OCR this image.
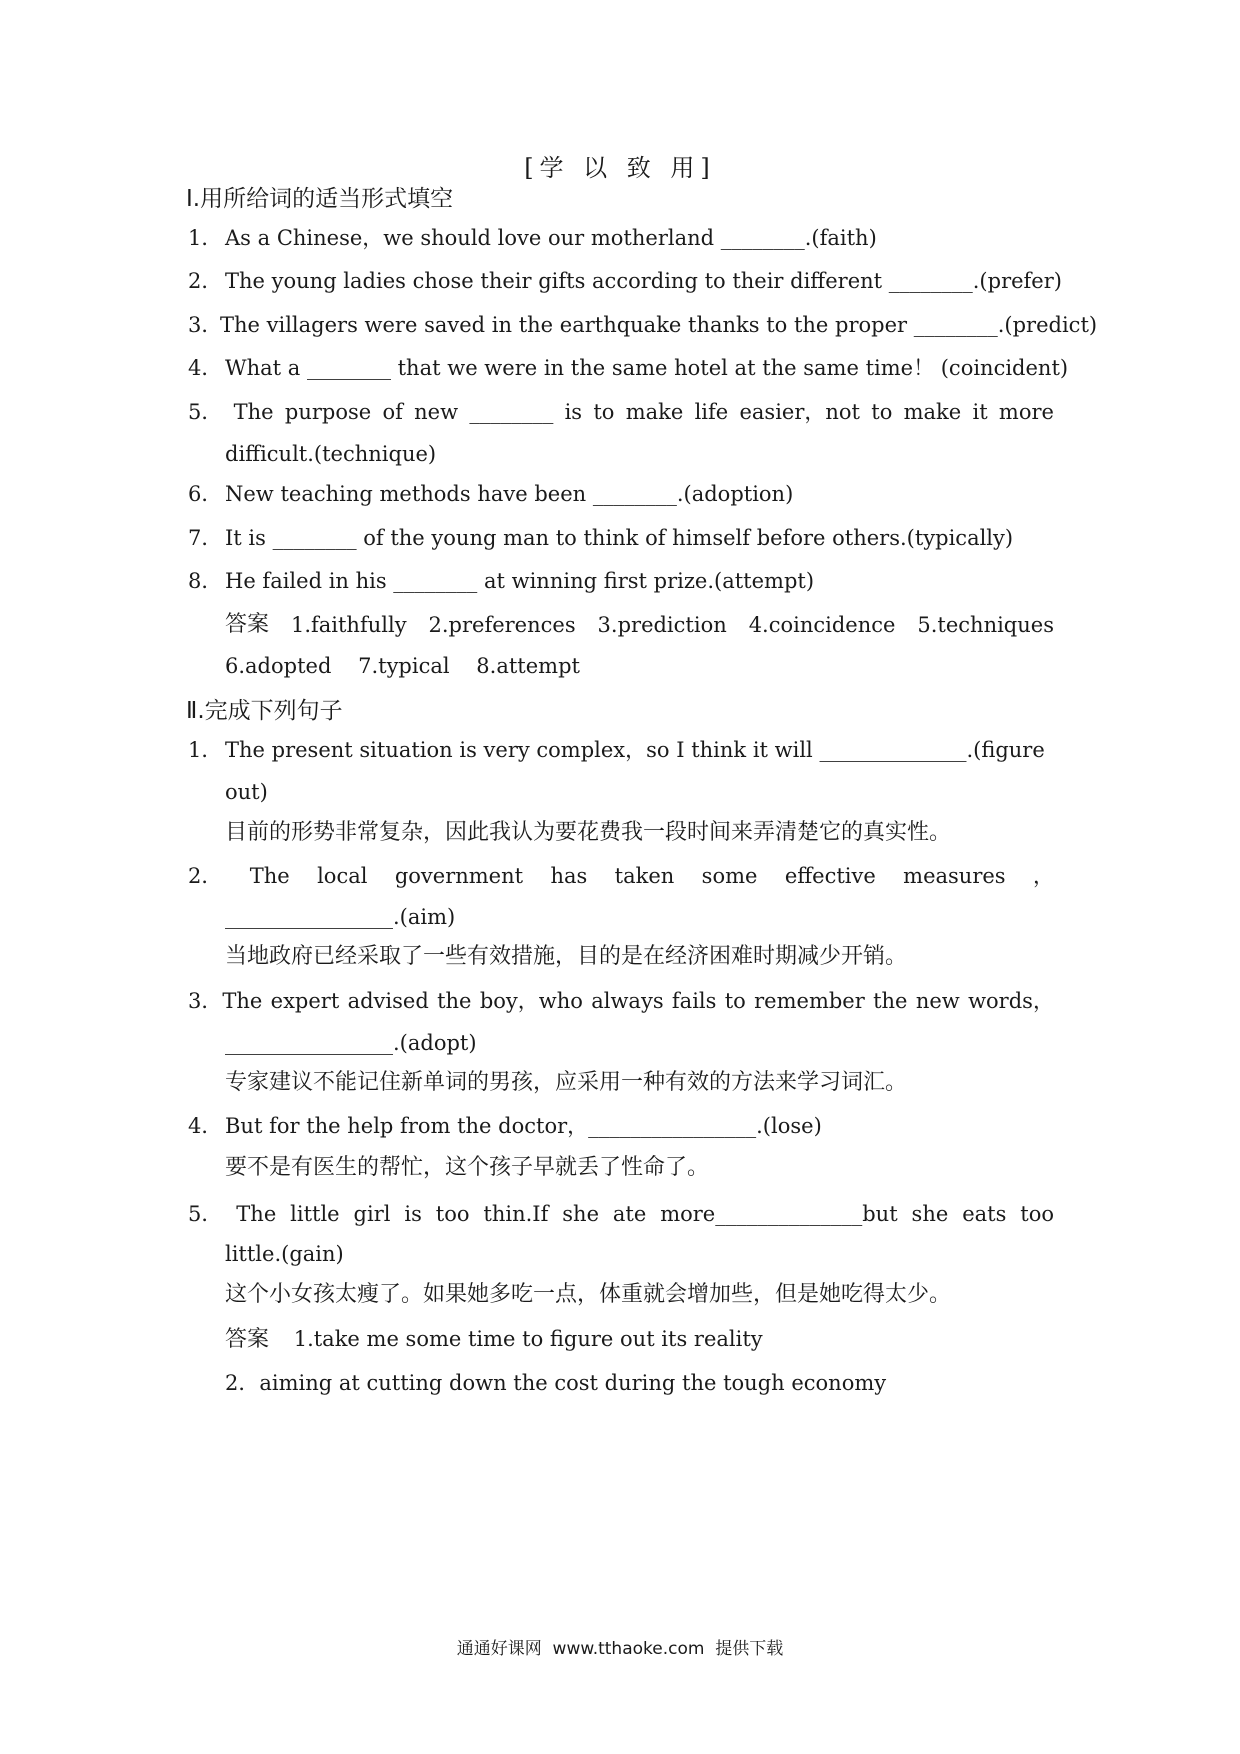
[学 以 致 用]
Ⅰ.用所给词的适当形式填空
1． As a Chinese，we should love our motherland ________.(faith)
2． The young ladies chose their gifts according to their different ________.(prefer)
3．
The villagers were saved in the earthquake thanks to the proper ________.(predict)
4． What a ________ that we were in the same hotel at the same time！ (coincident)
5． The purpose of new ________ is to make life easier，not to make it more
difficult.(technique)
6． New teaching methods have been ________.(adoption)
7． It is ________ of the young man to think of himself before others.(typically)
8． He failed in his ________ at winning first prize.(attempt)
答案 1.faithfully 2.preferences 3.prediction 4.coincidence 5.techniques
6.adopted    7.typical    8.attempt
Ⅱ.完成下列句子
1． The present situation is very complex，so I think it will ______________.(figure
out)
目前的形势非常复杂，因此我认为要花费我一段时间来弄清楚它的真实性。
2． The local government has taken some effective measures ，
________________.(aim)
当地政府已经采取了一些有效措施，目的是在经济困难时期减少开销。
3．The expert advised the boy，who always fails to remember the new words，
________________.(adopt)
专家建议不能记住新单词的男孩，应采用一种有效的方法来学习词汇。
4． But for the help from the doctor，________________.(lose)
要不是有医生的帮忙，这个孩子早就丢了性命了。
5． The little girl is too thin.If she ate more______________but she eats too
little.(gain)
这个小女孩太瘦了。如果她多吃一点，体重就会增加些，但是她吃得太少。
答案 1.take me some time to figure out its reality
2．aiming at cutting down the cost during the tough economy
通通好课网  www.tthaoke.com  提供下载
